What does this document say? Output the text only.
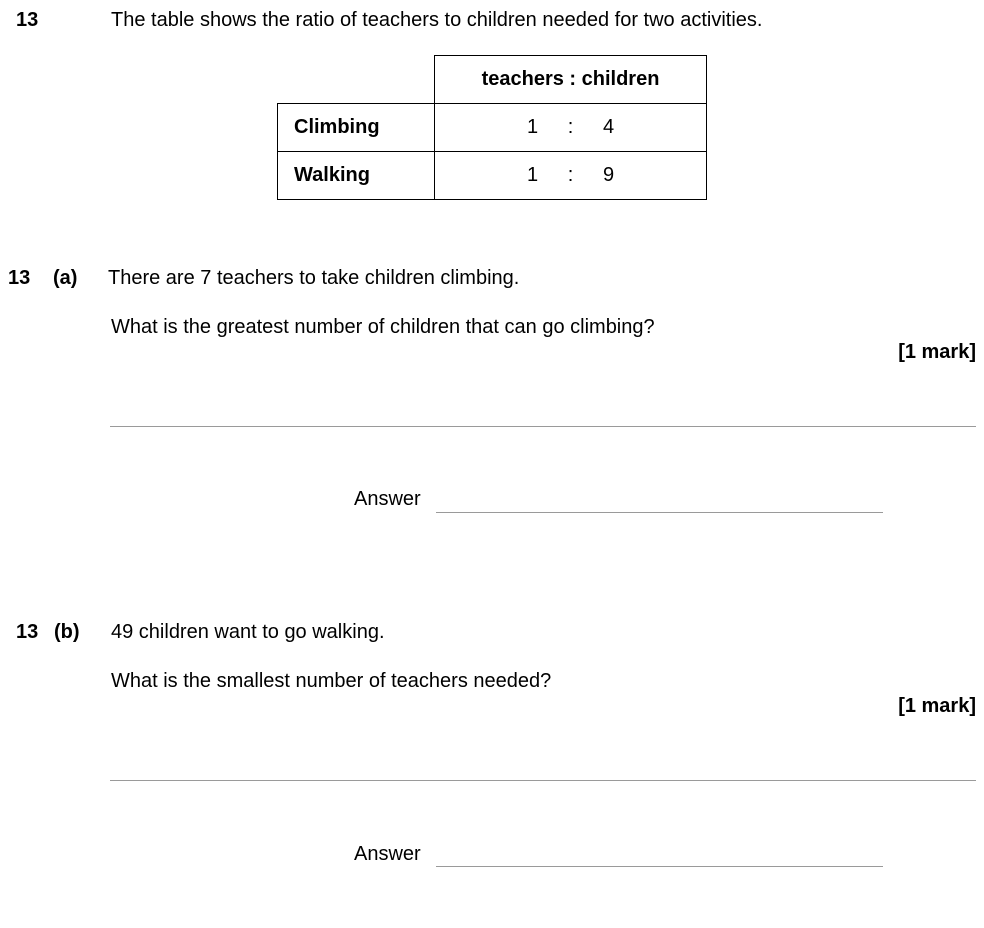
13	The table shows the ratio of teachers to children needed for two activities.
	teachers : children
Climbing	1 : 4
Walking	1 : 9
13 (a) There are 7 teachers to take children climbing.
What is the greatest number of children that can go climbing?
[1 mark]
Answer
13 (b) 49 children want to go walking.
What is the smallest number of teachers needed?
[1 mark]
Answer
